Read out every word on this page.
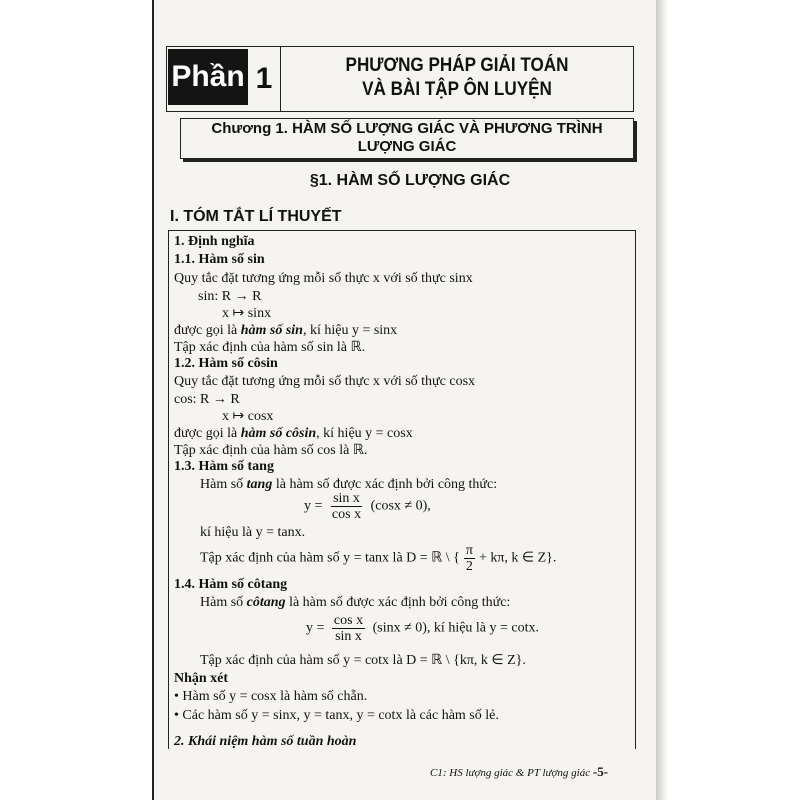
Phần 1	PHƯƠNG PHÁP GIẢI TOÁN
VÀ BÀI TẬP ÔN LUYỆN
Chương 1. HÀM SỐ LƯỢNG GIÁC VÀ PHƯƠNG TRÌNH
LƯỢNG GIÁC
§1. HÀM SỐ LƯỢNG GIÁC
I. TÓM TẮT LÍ THUYẾT
1. Định nghĩa
1.1. Hàm số sin
Quy tắc đặt tương ứng mỗi số thực x với số thực sinx
sin: R → R
x ↦ sinx
được gọi là hàm số sin, kí hiệu y = sinx
Tập xác định của hàm số sin là ℝ.
1.2. Hàm số côsin
Quy tắc đặt tương ứng mỗi số thực x với số thực cosx
cos: R → R
x ↦ cosx
được gọi là hàm số côsin, kí hiệu y = cosx
Tập xác định của hàm số cos là ℝ.
1.3. Hàm số tang
Hàm số tang là hàm số được xác định bởi công thức:
$y = \frac{\text{sin x}}{\text{cos x}} (\cos x \ne 0)$,
kí hiệu là y = tanx.
Tập xác định của hàm số y = tanx là D = ℝ \ { $\frac{\pi}{2} + k\pi$, k ∈ Z}.
1.4. Hàm số côtang
Hàm số côtang là hàm số được xác định bởi công thức:
$y = \frac{\text{cos x}}{\text{sin x}} (\sin x \ne 0)$, kí hiệu là y = cotx.
Tập xác định của hàm số y = cotx là D = ℝ \ {kπ, k ∈ Z}.
Nhận xét
• Hàm số y = cosx là hàm số chẵn.
• Các hàm số y = sinx, y = tanx, y = cotx là các hàm số lẻ.
2. Khái niệm hàm số tuần hoàn
C1: HS lượng giác & PT lượng giác -5-
